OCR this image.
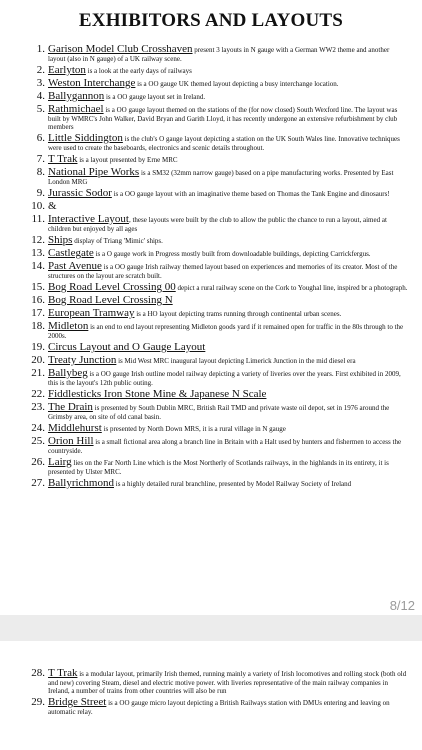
EXHIBITORS AND LAYOUTS
1. Garison Model Club Crosshaven present 3 layouts in N gauge with a German WW2 theme and another layout (also in N gauge) of a UK railway scene.
2. Earlyton is a look at the early days of railways
3. Weston Interchange is a OO gauge UK themed layout depicting a busy interchange location.
4. Ballygannon is a OO gauge layout set in Ireland.
5. Rathmichael is a OO gauge layout themed on the stations of the (for now closed) South Wexford line. The layout was built by WMRC's John Walker, David Bryan and Garith Lloyd, it has recently undergone an extensive refurbishment by club members
6. Little Siddington is the club's O gauge layout depicting a station on the UK South Wales line. Innovative techniques were used to create the baseboards, electronics and scenic details throughout.
7. T Trak is a layout presented by Erne MRC
8. National Pipe Works is a SM32 (32mm narrow gauge) based on a pipe manufacturing works. Presented by East London MRG
9. Jurassic Sodor is a OO gauge layout with an imaginative theme based on Thomas the Tank Engine and dinosaurs!
10. &
11. Interactive Layout, these layouts were built by the club to allow the public the chance to run a layout, aimed at children but enjoyed by all ages
12. Ships display of Triang 'Mimic' ships.
13. Castlegate is a O gauge work in Progress mostly built from downloadable buildings, depicting Carrickfergus.
14. Past Avenue is a OO gauge Irish railway themed layout based on experiences and memories of its creator. Most of the structures on the layout are scratch built.
15. Bog Road Level Crossing 00 depict a rural railway scene on the Cork to Youghal line, inspired br a photograph.
16. Bog Road Level Crossing N
17. European Tramway is a HO layout depicting trams running through continental urban scenes.
18. Midleton is an end to end layout representing Midleton goods yard if it remained open for traffic in the 80s through to the 2000s.
19. Circus Layout and O Gauge Layout
20. Treaty Junction is Mid West MRC inaugural layout depicting Limerick Junction in the mid diesel era
21. Ballybeg is a OO gauge Irish outline model railway depicting a variety of liveries over the years. First exhibited in 2009, this is the layout's 12th public outing.
22. Fiddlesticks Iron Stone Mine & Japanese N Scale
23. The Drain is presented by South Dublin MRC, British Rail TMD and private waste oil depot, set in 1976 around the Grimsby area, on site of old canal basin.
24. Middlehurst is presented by North Down MRS, it is a rural village in N gauge
25. Orion Hill is a small fictional area along a branch line in Britain with a Halt used by hunters and fishermen to access the countryside.
26. Lairg lies on the Far North Line which is the Most Northerly of Scotlands railways, in the highlands in its entirety, it is presented by Ulster MRC.
27. Ballyrichmond is a highly detailed rural branchline, presented by Model Railway Society of Ireland
8/12
28. T Trak is a modular layout, primarily Irish themed, running mainly a variety of Irish locomotives and rolling stock (both old and new) covering Steam, diesel and electric motive power. with liveries representative of the main railway companies in Ireland, a number of trains from other countries will also be run
29. Bridge Street is a OO gauge micro layout depicting a British Railways station with DMUs entering and leaving on automatic relay.
